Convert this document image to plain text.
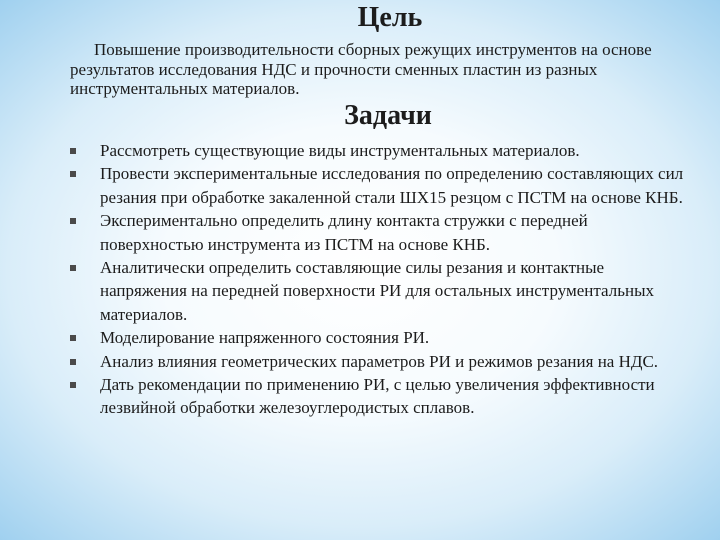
Цель

Повышение производительности сборных режущих инструментов на основе результатов исследования НДС и прочности сменных пластин из разных инструментальных материалов.

Задачи
Рассмотреть существующие виды инструментальных материалов.
Провести экспериментальные исследования по определению составляющих сил резания при обработке закаленной стали ШХ15 резцом с ПСТМ на основе КНБ.
Экспериментально определить длину контакта стружки с передней поверхностью инструмента из ПСТМ на основе КНБ.
Аналитически определить составляющие силы резания и контактные напряжения на передней поверхности РИ для остальных инструментальных материалов.
Моделирование напряженного состояния РИ.
Анализ влияния геометрических параметров РИ и режимов резания на НДС.
Дать рекомендации по применению РИ, с целью увеличения эффективности лезвийной обработки железоуглеродистых сплавов.
